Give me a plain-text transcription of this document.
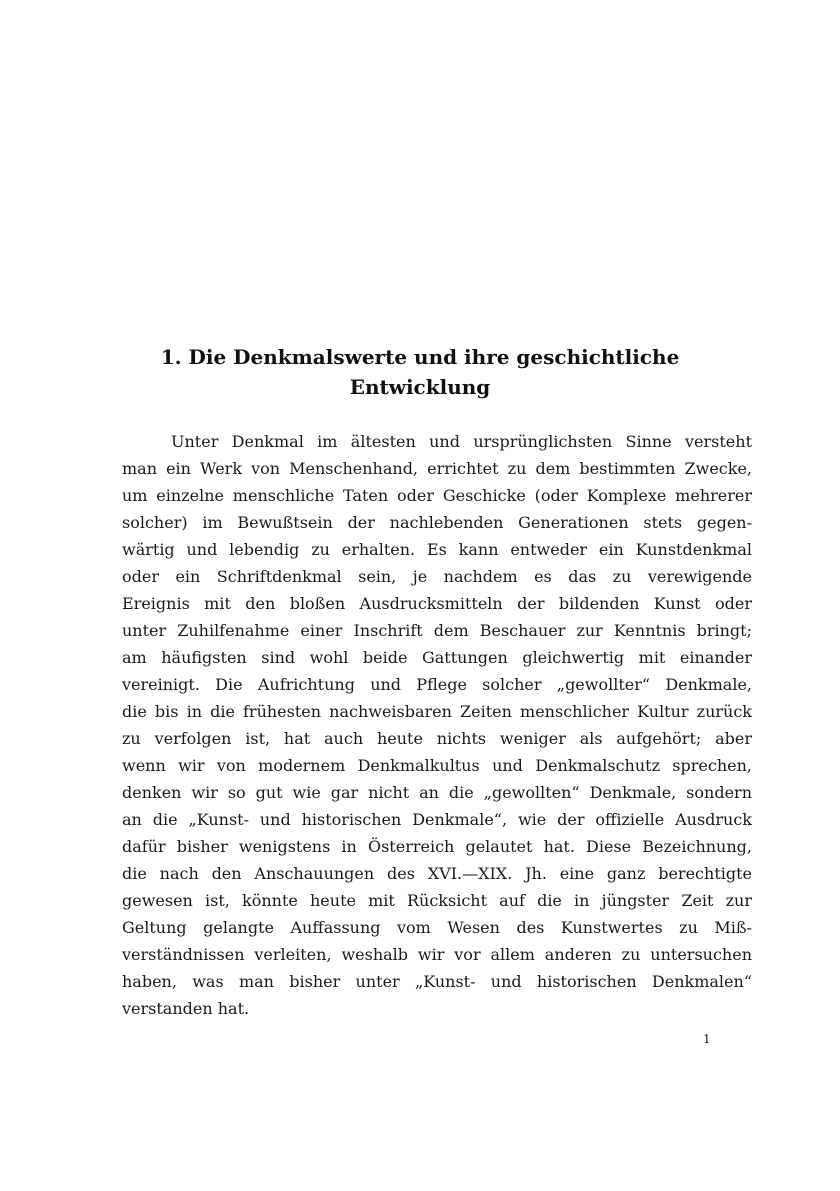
1. Die Denkmalswerte und ihre geschichtliche
Entwicklung
Unter Denkmal im ältesten und ursprünglichsten Sinne versteht
man ein Werk von Menschenhand, errichtet zu dem bestimmten Zwecke,
um einzelne menschliche Taten oder Geschicke (oder Komplexe mehrerer
solcher) im Bewußtsein der nachlebenden Generationen stets gegen-
wärtig und lebendig zu erhalten. Es kann entweder ein Kunstdenkmal
oder ein Schriftdenkmal sein, je nachdem es das zu verewigende
Ereignis mit den bloßen Ausdrucksmitteln der bildenden Kunst oder
unter Zuhilfenahme einer Inschrift dem Beschauer zur Kenntnis bringt;
am häufigsten sind wohl beide Gattungen gleichwertig mit einander
vereinigt. Die Aufrichtung und Pflege solcher „gewollter“ Denkmale,
die bis in die frühesten nachweisbaren Zeiten menschlicher Kultur zurück
zu verfolgen ist, hat auch heute nichts weniger als aufgehört; aber
wenn wir von modernem Denkmalkultus und Denkmalschutz sprechen,
denken wir so gut wie gar nicht an die „gewollten“ Denkmale, sondern
an die „Kunst- und historischen Denkmale“, wie der offizielle Ausdruck
dafür bisher wenigstens in Österreich gelautet hat. Diese Bezeichnung,
die nach den Anschauungen des XVI.—XIX. Jh. eine ganz berechtigte
gewesen ist, könnte heute mit Rücksicht auf die in jüngster Zeit zur
Geltung gelangte Auffassung vom Wesen des Kunstwertes zu Miß-
verständnissen verleiten, weshalb wir vor allem anderen zu untersuchen
haben, was man bisher unter „Kunst- und historischen Denkmalen“
verstanden hat.
1
